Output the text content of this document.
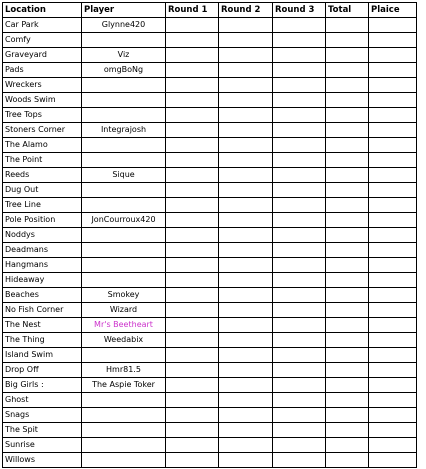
Location	Player	Round 1	Round 2	Round 3	Total	Plaice
Car Park	Glynne420					
Comfy						
Graveyard	Viz					
Pads	omgBoNg					
Wreckers						
Woods Swim						
Tree Tops						
Stoners Corner	Integrajosh					
The Alamo						
The Point						
Reeds	Sique					
Dug Out						
Tree Line						
Pole Position	JonCourroux420					
Noddys						
Deadmans						
Hangmans						
Hideaway						
Beaches	Smokey					
No Fish Corner	Wizard					
The Nest	Mr's Beetheart					
The Thing	Weedabix					
Island Swim						
Drop Off	Hmr81.5					
Big Girls :	The Aspie Toker					
Ghost						
Snags						
The Spit						
Sunrise						
Willows						
